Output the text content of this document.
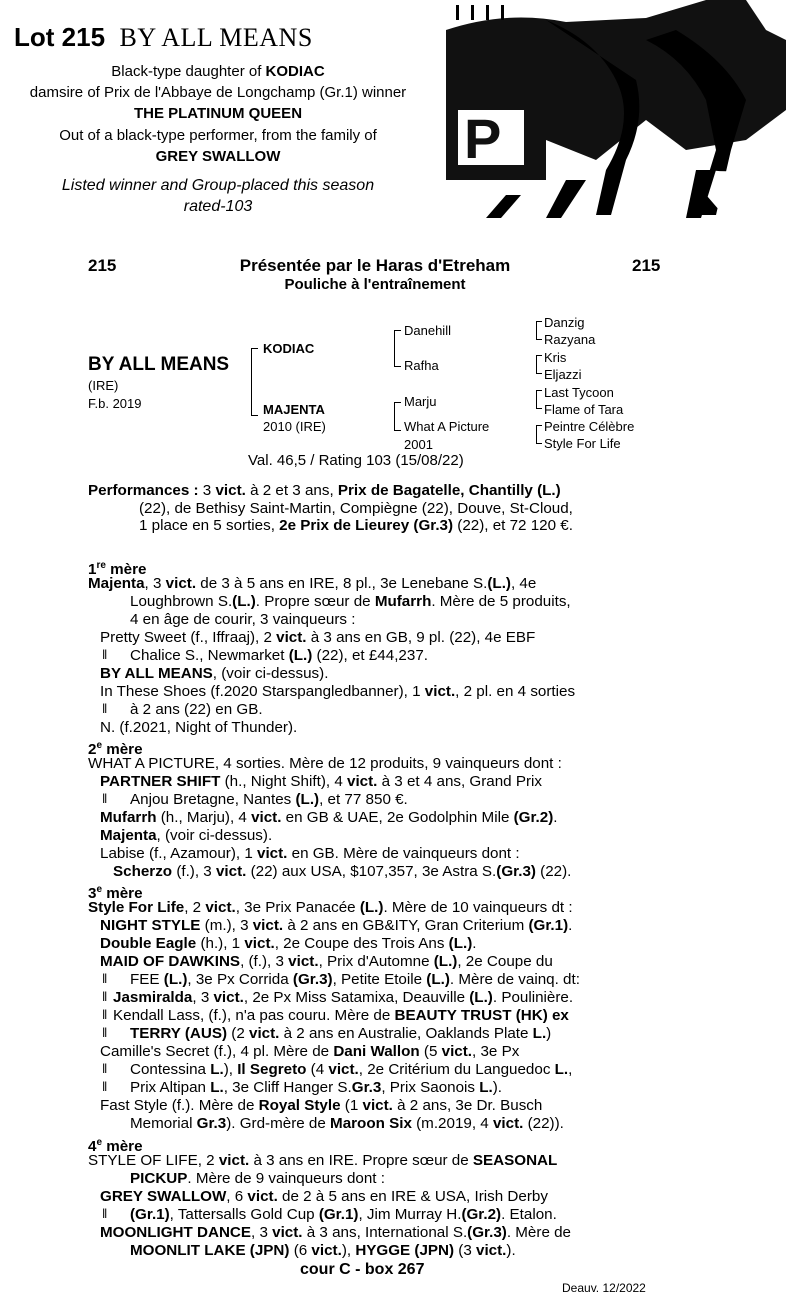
Lot 215 BY ALL MEANS
Black-type daughter of KODIAC
damsire of Prix de l'Abbaye de Longchamp (Gr.1) winner
THE PLATINUM QUEEN
Out of a black-type performer, from the family of
GREY SWALLOW
Listed winner and Group-placed this season
rated-103
P
215	Présentée par le Haras d'Etreham	215
Pouliche à l'entraînement
BY ALL MEANS
(IRE)
F.b. 2019
KODIAC
MAJENTA
2010 (IRE)
Danehill
Rafha
Marju
What A Picture
2001
Danzig
Razyana
Kris
Eljazzi
Last Tycoon
Flame of Tara
Peintre Célèbre
Style For Life
Val. 46,5 / Rating 103 (15/08/22)
Performances : 3 vict. à 2 et 3 ans, Prix de Bagatelle, Chantilly (L.)
(22), de Bethisy Saint-Martin, Compiègne (22), Douve, St-Cloud,
1 place en 5 sorties, 2e Prix de Lieurey (Gr.3) (22), et 72 120 €.
1re mère
Majenta, 3 vict. de 3 à 5 ans en IRE, 8 pl., 3e Lenebane S.(L.), 4e
Loughbrown S.(L.). Propre sœur de Mufarrh. Mère de 5 produits,
4 en âge de courir, 3 vainqueurs :
Pretty Sweet (f., Iffraaj), 2 vict. à 3 ans en GB, 9 pl. (22), 4e EBF
‖ Chalice S., Newmarket (L.) (22), et £44,237.
BY ALL MEANS, (voir ci-dessus).
In These Shoes (f.2020 Starspangledbanner), 1 vict., 2 pl. en 4 sorties
‖ à 2 ans (22) en GB.
N. (f.2021, Night of Thunder).
2e mère
WHAT A PICTURE, 4 sorties. Mère de 12 produits, 9 vainqueurs dont :
PARTNER SHIFT (h., Night Shift), 4 vict. à 3 et 4 ans, Grand Prix
‖ Anjou Bretagne, Nantes (L.), et 77 850 €.
Mufarrh (h., Marju), 4 vict. en GB & UAE, 2e Godolphin Mile (Gr.2).
Majenta, (voir ci-dessus).
Labise (f., Azamour), 1 vict. en GB. Mère de vainqueurs dont :
Scherzo (f.), 3 vict. (22) aux USA, $107,357, 3e Astra S.(Gr.3) (22).
3e mère
Style For Life, 2 vict., 3e Prix Panacée (L.). Mère de 10 vainqueurs dt :
NIGHT STYLE (m.), 3 vict. à 2 ans en GB&ITY, Gran Criterium (Gr.1).
Double Eagle (h.), 1 vict., 2e Coupe des Trois Ans (L.).
MAID OF DAWKINS, (f.), 3 vict., Prix d'Automne (L.), 2e Coupe du
‖ FEE (L.), 3e Px Corrida (Gr.3), Petite Etoile (L.). Mère de vainq. dt:
‖ Jasmiralda, 3 vict., 2e Px Miss Satamixa, Deauville (L.). Poulinière.
‖ Kendall Lass, (f.), n'a pas couru. Mère de BEAUTY TRUST (HK) ex
‖ TERRY (AUS) (2 vict. à 2 ans en Australie, Oaklands Plate L.)
Camille's Secret (f.), 4 pl. Mère de Dani Wallon (5 vict., 3e Px
‖ Contessina L.), Il Segreto (4 vict., 2e Critérium du Languedoc L.,
‖ Prix Altipan L., 3e Cliff Hanger S.Gr.3, Prix Saonois L.).
Fast Style (f.). Mère de Royal Style (1 vict. à 2 ans, 3e Dr. Busch
Memorial Gr.3). Grd-mère de Maroon Six (m.2019, 4 vict. (22)).
4e mère
STYLE OF LIFE, 2 vict. à 3 ans en IRE. Propre sœur de SEASONAL
PICKUP. Mère de 9 vainqueurs dont :
GREY SWALLOW, 6 vict. de 2 à 5 ans en IRE & USA, Irish Derby
‖ (Gr.1), Tattersalls Gold Cup (Gr.1), Jim Murray H.(Gr.2). Etalon.
MOONLIGHT DANCE, 3 vict. à 3 ans, International S.(Gr.3). Mère de
MOONLIT LAKE (JPN) (6 vict.), HYGGE (JPN) (3 vict.).
cour C - box 267
Deauv. 12/2022
